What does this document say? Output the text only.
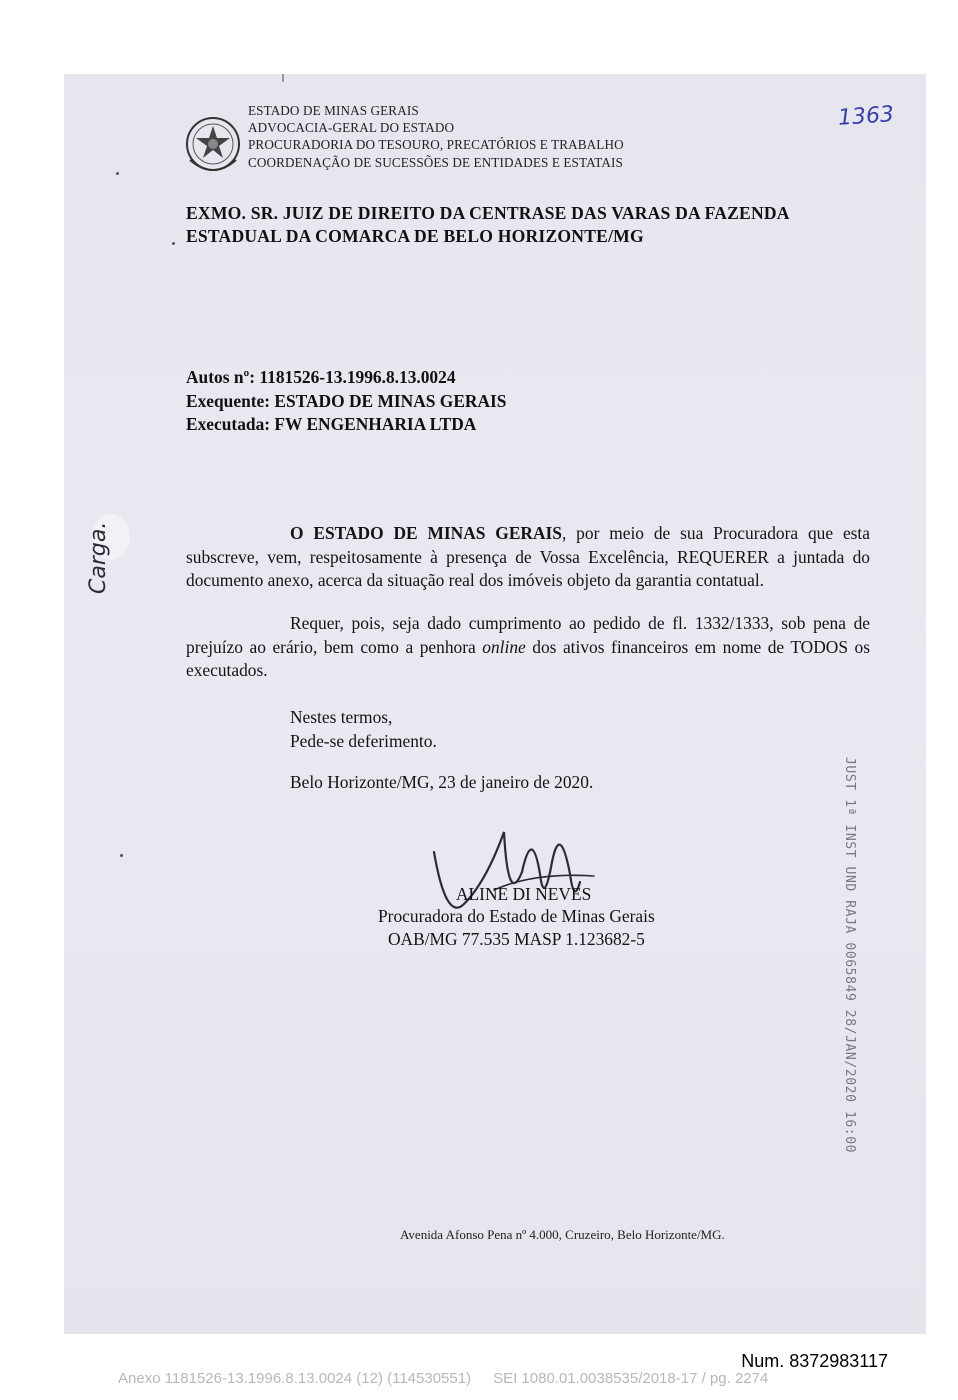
ESTADO DE MINAS GERAIS
ADVOCACIA-GERAL DO ESTADO
PROCURADORIA DO TESOURO, PRECATÓRIOS E TRABALHO
COORDENAÇÃO DE SUCESSÕES DE ENTIDADES E ESTATAIS
1363
EXMO. SR. JUIZ DE DIREITO DA CENTRASE DAS VARAS DA FAZENDA
ESTADUAL DA COMARCA DE BELO HORIZONTE/MG
Autos nº: 1181526-13.1996.8.13.0024
Exequente: ESTADO DE MINAS GERAIS
Executada: FW ENGENHARIA LTDA
O ESTADO DE MINAS GERAIS, por meio de sua Procuradora que esta subscreve, vem, respeitosamente à presença de Vossa Excelência, REQUERER a juntada do documento anexo, acerca da situação real dos imóveis objeto da garantia contatual.
Requer, pois, seja dado cumprimento ao pedido de fl. 1332/1333, sob pena de prejuízo ao erário, bem como a penhora online dos ativos financeiros em nome de TODOS os executados.
Nestes termos,
Pede-se deferimento.
Belo Horizonte/MG, 23 de janeiro de 2020.
ALINE DI NEVES
Procuradora do Estado de Minas Gerais
OAB/MG 77.535 MASP 1.123682-5
Carga.
JUST 1ª INST UND RAJA 0065849 28/JAN/2020 16:00
Avenida Afonso Pena nº 4.000, Cruzeiro, Belo Horizonte/MG.
Num. 8372983117
Anexo 1181526-13.1996.8.13.0024 (12) (114530551) SEI 1080.01.0038535/2018-17 / pg. 2274
